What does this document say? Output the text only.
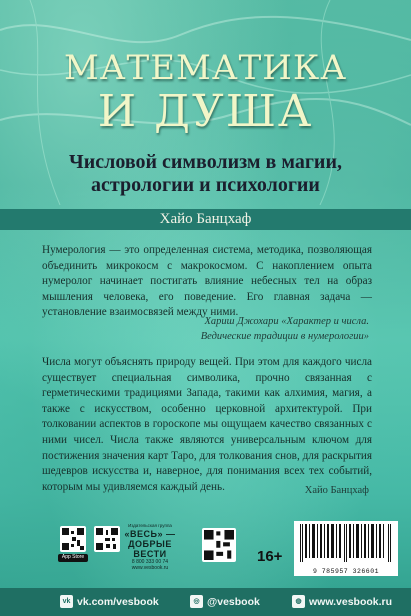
МАТЕМАТИКА
И ДУША
Числовой символизм в магии,
астрологии и психологии
Хайо Банцхаф

Нумерология — это определенная система, методика, позволяющая объединить микрокосм с макрокосмом. С накоплением опыта нумеролог начинает постигать влияние небесных тел на образ мышления человека, его поведение. Его главная задача — установление взаимосвязей между ними.

Хариш Джохари «Характер и числа.
Ведические традиции в нумерологии»

Числа могут объяснять природу вещей. При этом для каждого числа существует специальная символика, прочно связанная с герметическими традициями Запада, такими как алхимия, магия, а также с искусством, особенно церковной архитектурой. При толковании аспектов в гороскопе мы ощущаем качество связанных с ними чисел. Числа также являются универсальным ключом для постижения значения карт Таро, для толкования снов, для раскрытия шедевров искусства и, наверное, для понимания всех тех событий, которым мы удивляемся каждый день.	Хайо Банцхаф
App Store
Издательская группа
«ВЕСЬ» — ДОБРЫЕ ВЕСТИ
8 800 333 00 74
www.vesbook.ru
16+
9 785957 326601
vk vk.com/vesbook	◎ @vesbook	◍ www.vesbook.ru
